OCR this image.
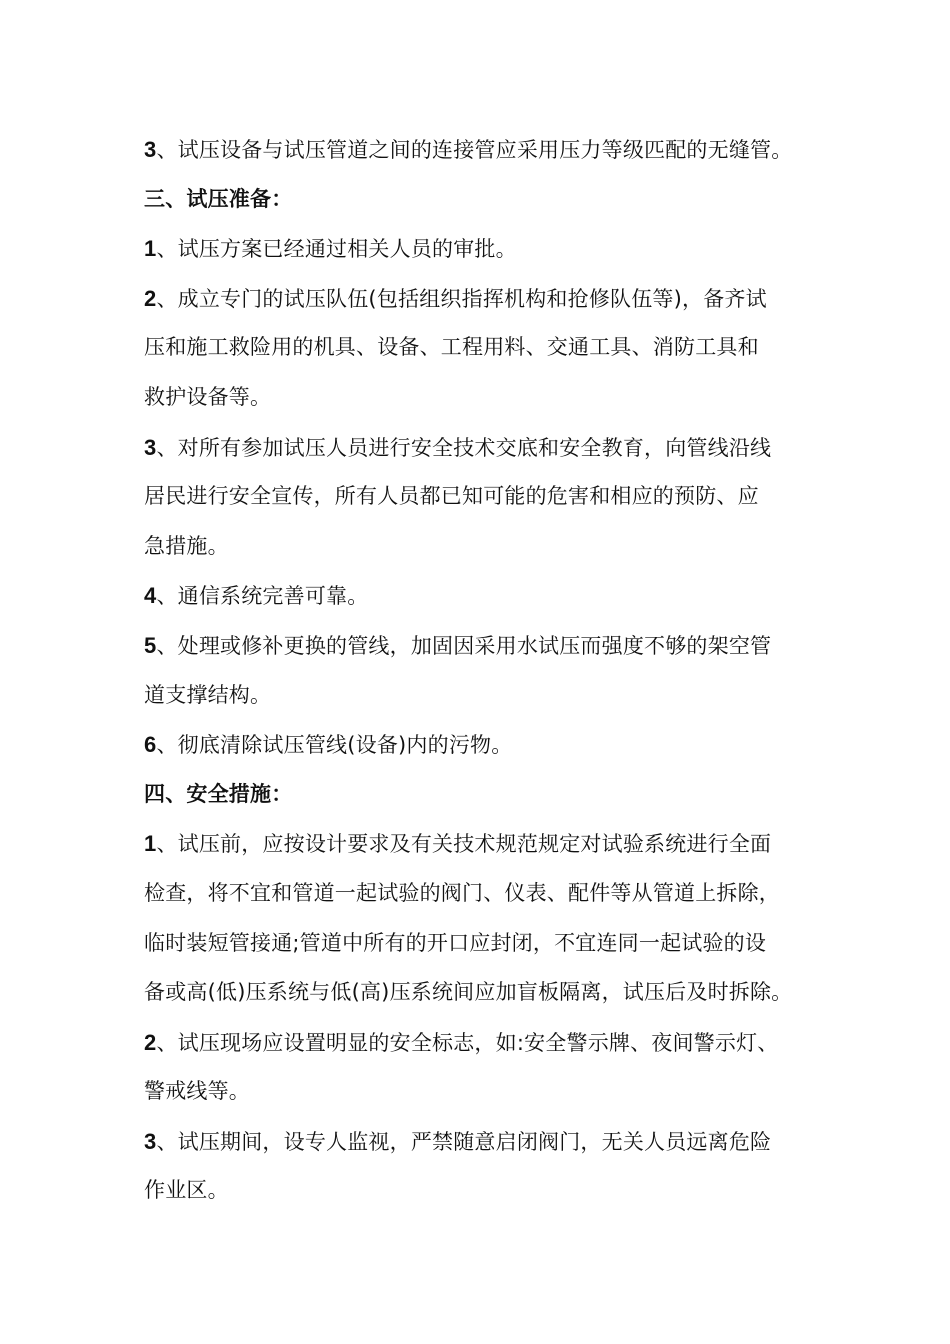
3、试压设备与试压管道之间的连接管应采用压力等级匹配的无缝管。
三、试压准备：
1、试压方案已经通过相关人员的审批。
2、成立专门的试压队伍(包括组织指挥机构和抢修队伍等)，备齐试
压和施工救险用的机具、设备、工程用料、交通工具、消防工具和
救护设备等。
3、对所有参加试压人员进行安全技术交底和安全教育，向管线沿线
居民进行安全宣传，所有人员都已知可能的危害和相应的预防、应
急措施。
4、通信系统完善可靠。
5、处理或修补更换的管线，加固因采用水试压而强度不够的架空管
道支撑结构。
6、彻底清除试压管线(设备)内的污物。
四、安全措施：
1、试压前，应按设计要求及有关技术规范规定对试验系统进行全面
检查，将不宜和管道一起试验的阀门、仪表、配件等从管道上拆除，
临时装短管接通;管道中所有的开口应封闭，不宜连同一起试验的设
备或高(低)压系统与低(高)压系统间应加盲板隔离，试压后及时拆除。
2、试压现场应设置明显的安全标志，如:安全警示牌、夜间警示灯、
警戒线等。
3、试压期间，设专人监视，严禁随意启闭阀门，无关人员远离危险
作业区。
